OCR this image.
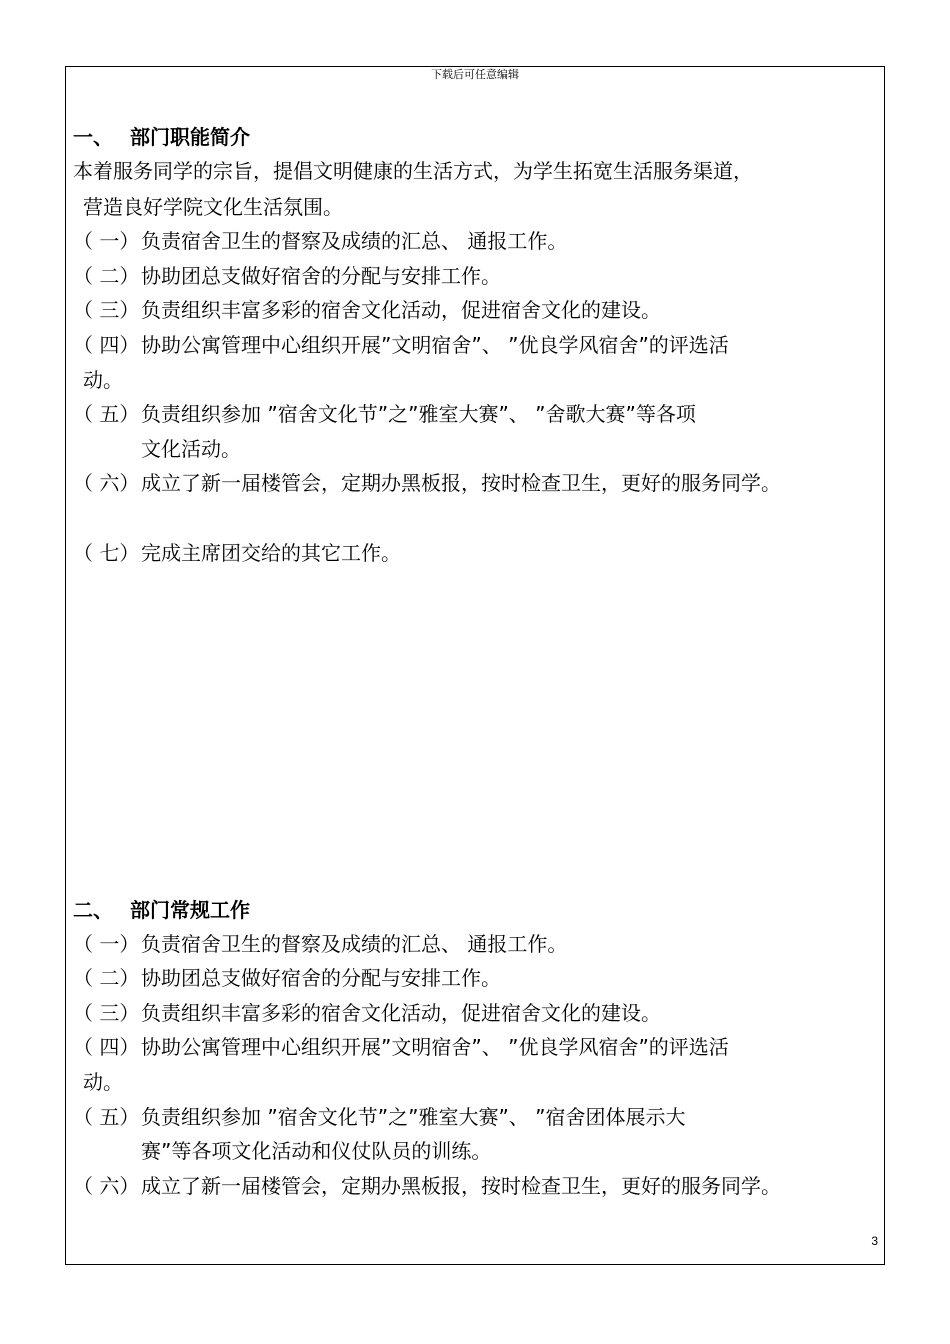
下载后可任意编辑
一、 部门职能简介
本着服务同学的宗旨，提倡文明健康的生活方式，为学生拓宽生活服务渠道，
营造良好学院文化生活氛围。
（ 一）负责宿舍卫生的督察及成绩的汇总、 通报工作。
（ 二）协助团总支做好宿舍的分配与安排工作。
（ 三）负责组织丰富多彩的宿舍文化活动，促进宿舍文化的建设。
（ 四）协助公寓管理中心组织开展”文明宿舍”、 ”优良学风宿舍”的评选活
动。
（ 五）负责组织参加 ”宿舍文化节”之”雅室大赛”、 ”舍歌大赛”等各项
文化活动。
（ 六）成立了新一届楼管会，定期办黑板报，按时检查卫生，更好的服务同学。
（ 七）完成主席团交给的其它工作。
二、 部门常规工作
（ 一）负责宿舍卫生的督察及成绩的汇总、 通报工作。
（ 二）协助团总支做好宿舍的分配与安排工作。
（ 三）负责组织丰富多彩的宿舍文化活动，促进宿舍文化的建设。
（ 四）协助公寓管理中心组织开展”文明宿舍”、 ”优良学风宿舍”的评选活
动。
（ 五）负责组织参加 ”宿舍文化节”之”雅室大赛”、 ”宿舍团体展示大
赛”等各项文化活动和仪仗队员的训练。
（ 六）成立了新一届楼管会，定期办黑板报，按时检查卫生，更好的服务同学。
3
